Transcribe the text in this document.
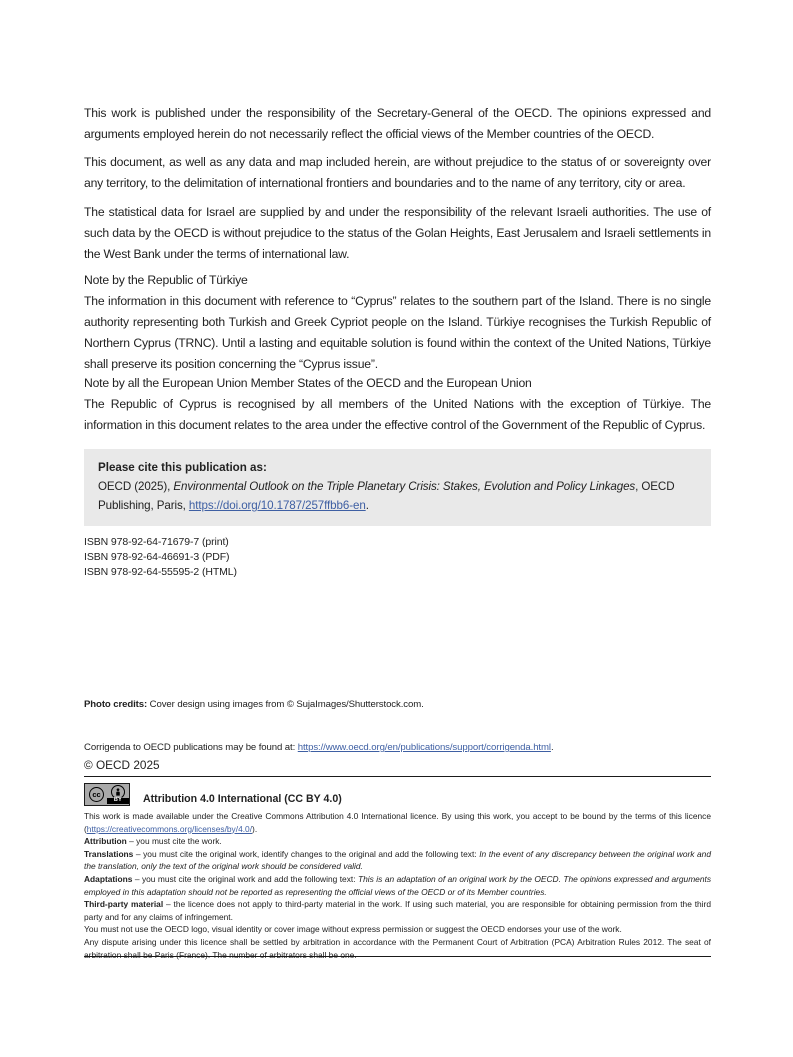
This work is published under the responsibility of the Secretary-General of the OECD. The opinions expressed and arguments employed herein do not necessarily reflect the official views of the Member countries of the OECD.

This document, as well as any data and map included herein, are without prejudice to the status of or sovereignty over any territory, to the delimitation of international frontiers and boundaries and to the name of any territory, city or area.

The statistical data for Israel are supplied by and under the responsibility of the relevant Israeli authorities. The use of such data by the OECD is without prejudice to the status of the Golan Heights, East Jerusalem and Israeli settlements in the West Bank under the terms of international law.

Note by the Republic of Türkiye

The information in this document with reference to “Cyprus” relates to the southern part of the Island. There is no single authority representing both Turkish and Greek Cypriot people on the Island. Türkiye recognises the Turkish Republic of Northern Cyprus (TRNC). Until a lasting and equitable solution is found within the context of the United Nations, Türkiye shall preserve its position concerning the “Cyprus issue”.

Note by all the European Union Member States of the OECD and the European Union

The Republic of Cyprus is recognised by all members of the United Nations with the exception of Türkiye. The information in this document relates to the area under the effective control of the Government of the Republic of Cyprus.

Please cite this publication as:

OECD (2025), Environmental Outlook on the Triple Planetary Crisis: Stakes, Evolution and Policy Linkages, OECD Publishing, Paris, https://doi.org/10.1787/257ffbb6-en.

ISBN 978-92-64-71679-7 (print)

ISBN 978-92-64-46691-3 (PDF)

ISBN 978-92-64-55595-2 (HTML)

Photo credits: Cover design using images from © SujaImages/Shutterstock.com.

Corrigenda to OECD publications may be found at: https://www.oecd.org/en/publications/support/corrigenda.html.

© OECD 2025

cc
BY	Attribution 4.0 International (CC BY 4.0)

This work is made available under the Creative Commons Attribution 4.0 International licence. By using this work, you accept to be bound by the terms of this licence (https://creativecommons.org/licenses/by/4.0/).

Attribution – you must cite the work.

Translations – you must cite the original work, identify changes to the original and add the following text: In the event of any discrepancy between the original work and the translation, only the text of the original work should be considered valid.

Adaptations – you must cite the original work and add the following text: This is an adaptation of an original work by the OECD. The opinions expressed and arguments employed in this adaptation should not be reported as representing the official views of the OECD or of its Member countries.

Third-party material – the licence does not apply to third-party material in the work. If using such material, you are responsible for obtaining permission from the third party and for any claims of infringement.

You must not use the OECD logo, visual identity or cover image without express permission or suggest the OECD endorses your use of the work.

Any dispute arising under this licence shall be settled by arbitration in accordance with the Permanent Court of Arbitration (PCA) Arbitration Rules 2012. The seat of arbitration shall be Paris (France). The number of arbitrators shall be one.
